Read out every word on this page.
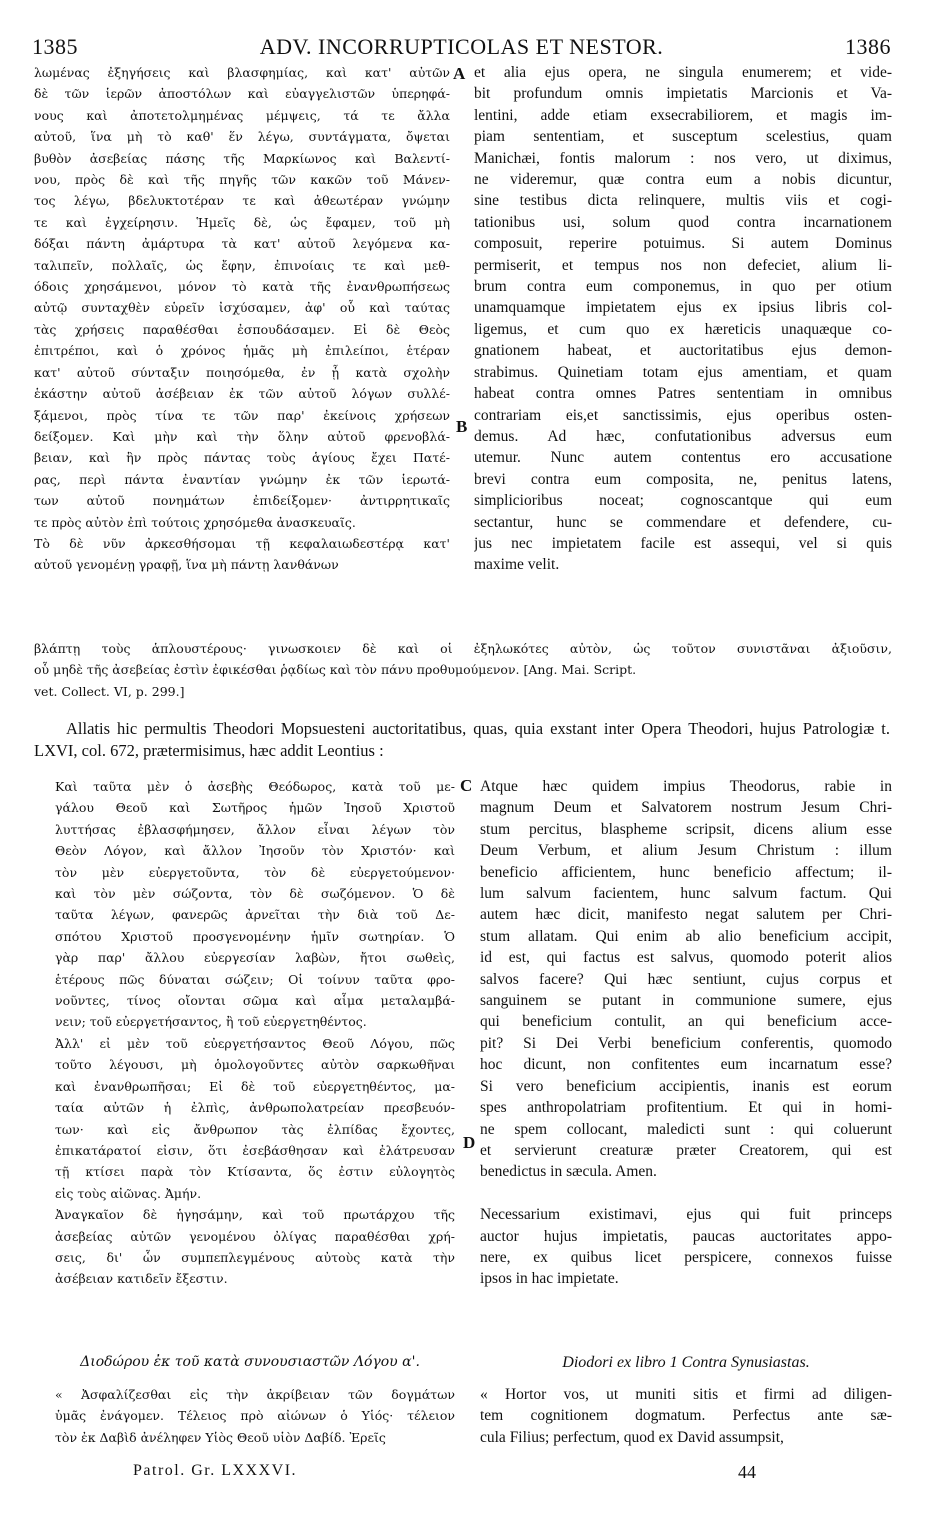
1385	ADV. INCORRUPTICOLAS ET NESTOR.	1386
λωμένας ἐξηγήσεις καὶ βλασφημίας, καὶ κατ' αὐτῶν
δὲ τῶν ἱερῶν ἀποστόλων καὶ εὐαγγελιστῶν ὑπερηφά-
νους καὶ ἀποτετολμημένας μέμψεις, τά τε ἄλλα
αὐτοῦ, ἵνα μὴ τὸ καθ' ἕν λέγω, συντάγματα, ὄψεται
βυθὸν ἀσεβείας πάσης τῆς Μαρκίωνος καὶ Βαλεντί-
νου, πρὸς δὲ καὶ τῆς πηγῆς τῶν κακῶν τοῦ Μάνεν-
τος λέγω, βδελυκτοτέραν τε καὶ ἀθεωτέραν γνώμην
τε καὶ ἐγχείρησιν. Ἡμεῖς δὲ, ὡς ἔφαμεν, τοῦ μὴ
δόξαι πάντη ἀμάρτυρα τὰ κατ' αὐτοῦ λεγόμενα κα-
ταλιπεῖν, πολλαῖς, ὡς ἔφην, ἐπινοίαις τε καὶ μεθ-
όδοις χρησάμενοι, μόνον τὸ κατὰ τῆς ἐνανθρωπήσεως
αὐτῷ συνταχθὲν εὑρεῖν ἰσχύσαμεν, ἀφ' οὗ καὶ ταύτας
τὰς χρήσεις παραθέσθαι ἐσπουδάσαμεν. Εἰ δὲ Θεὸς
ἐπιτρέποι, καὶ ὁ χρόνος ἡμᾶς μὴ ἐπιλείποι, ἑτέραν
κατ' αὐτοῦ σύνταξιν ποιησόμεθα, ἐν ᾗ κατὰ σχολὴν
ἑκάστην αὐτοῦ ἀσέβειαν ἐκ τῶν αὐτοῦ λόγων συλλέ-
ξάμενοι, πρὸς τίνα τε τῶν παρ' ἐκείνοις χρήσεων
δείξομεν. Καὶ μὴν καὶ τὴν ὅλην αὐτοῦ φρενοβλά-
βειαν, καὶ ἣν πρὸς πάντας τοὺς ἁγίους ἔχει Πατέ-
ρας, περὶ πάντα ἐναντίαν γνώμην ἐκ τῶν ἱερωτά-
των αὐτοῦ πονημάτων ἐπιδείξομεν· ἀντιρρητικαῖς
τε πρὸς αὐτὸν ἐπὶ τούτοις χρησόμεθα ἀνασκευαῖς.
Τὸ δὲ νῦν ἀρκεσθήσομαι τῇ κεφαλαιωδεστέρᾳ κατ'
αὐτοῦ γενομένῃ γραφῇ, ἵνα μὴ πάντῃ λανθάνων
et alia ejus opera, ne singula enumerem; et vide-
bit profundum omnis impietatis Marcionis et Va-
lentini, adde etiam exsecrabiliorem, et magis im-
piam sententiam, et susceptum scelestius, quam
Manichæi, fontis malorum : nos vero, ut diximus,
ne videremur, quæ contra eum a nobis dicuntur,
sine testibus dicta relinquere, multis viis et cogi-
tationibus usi, solum quod contra incarnationem
composuit, reperire potuimus. Si autem Dominus
permiserit, et tempus nos non defeciet, alium li-
brum contra eum componemus, in quo per otium
unamquamque impietatem ejus ex ipsius libris col-
ligemus, et cum quo ex hæreticis unaquæque co-
gnationem habeat, et auctoritatibus ejus demon-
strabimus. Quinetiam totam ejus amentiam, et quam
habeat contra omnes Patres sententiam in omnibus
contrariam eis,et sanctissimis, ejus operibus osten-
demus. Ad hæc, confutationibus adversus eum
utemur. Nunc autem contentus ero accusatione
brevi contra eum composita, ne, penitus latens,
simplicioribus noceat; cognoscantque qui eum
sectantur, hunc se commendare et defendere, cu-
jus nec impietatem facile est assequi, vel si quis
maxime velit.
βλάπτῃ τοὺς ἁπλουστέρους· γινωσκοιεν δὲ καὶ οἱ ἐξηλωκότες αὐτὸν, ὡς τοῦτον συνιστᾶναι ἀξιοῦσιν,
οὗ μηδὲ τῆς ἀσεβείας ἐστὶν ἐφικέσθαι ῥᾳδίως καὶ τὸν πάνυ προθυμούμενον. [Ang. Mai. Script.
vet. Collect. VI, p. 299.]
A
B
C
D
Allatis hic permultis Theodori Mopsuesteni auctoritatibus, quas, quia exstant inter Opera Theodori, hujus Patrologiæ t. LXVI, col. 672, prætermisimus, hæc addit Leontius :
Καὶ ταῦτα μὲν ὁ ἀσεβὴς Θεόδωρος, κατὰ τοῦ με-
γάλου Θεοῦ καὶ Σωτῆρος ἡμῶν Ἰησοῦ Χριστοῦ
λυττήσας ἐβλασφήμησεν, ἄλλον εἶναι λέγων τὸν
Θεὸν Λόγον, καὶ ἄλλον Ἰησοῦν τὸν Χριστόν· καὶ
τὸν μὲν εὐεργετοῦντα, τὸν δὲ εὐεργετούμενον·
καὶ τὸν μὲν σώζοντα, τὸν δὲ σωζόμενον. Ὁ δὲ
ταῦτα λέγων, φανερῶς ἀρνεῖται τὴν διὰ τοῦ Δε-
σπότου Χριστοῦ προσγενομένην ἡμῖν σωτηρίαν. Ὁ
γὰρ παρ' ἄλλου εὐεργεσίαν λαβὼν, ἤτοι σωθεὶς,
ἑτέρους πῶς δύναται σώζειν; Οἱ τοίνυν ταῦτα φρο-
νοῦντες, τίνος οἴονται σῶμα καὶ αἷμα μεταλαμβά-
νειν; τοῦ εὐεργετήσαντος, ἢ τοῦ εὐεργετηθέντος.
Ἀλλ' εἰ μὲν τοῦ εὐεργετήσαντος Θεοῦ Λόγου, πῶς
τοῦτο λέγουσι, μὴ ὁμολογοῦντες αὐτὸν σαρκωθῆναι
καὶ ἐνανθρωπῆσαι; Εἰ δὲ τοῦ εὐεργετηθέντος, μα-
ταία αὐτῶν ἡ ἐλπὶς, ἀνθρωπολατρείαν πρεσβευόν-
των· καὶ εἰς ἄνθρωπον τὰς ἐλπίδας ἔχοντες,
ἐπικατάρατοί εἰσιν, ὅτι ἐσεβάσθησαν καὶ ἐλάτρευσαν
τῇ κτίσει παρὰ τὸν Κτίσαντα, ὅς ἐστιν εὐλογητὸς
εἰς τοὺς αἰῶνας. Ἀμήν.
Ἀναγκαῖον δὲ ἡγησάμην, καὶ τοῦ πρωτάρχου τῆς
ἀσεβείας αὐτῶν γενομένου ὀλίγας παραθέσθαι χρή-
σεις, δι' ὧν συμπεπλεγμένους αὐτοὺς κατὰ τὴν
ἀσέβειαν κατιδεῖν ἔξεστιν.
Atque hæc quidem impius Theodorus, rabie in
magnum Deum et Salvatorem nostrum Jesum Chri-
stum percitus, blaspheme scripsit, dicens alium esse
Deum Verbum, et alium Jesum Christum : illum
beneficio afficientem, hunc beneficio affectum; il-
lum salvum facientem, hunc salvum factum. Qui
autem hæc dicit, manifesto negat salutem per Chri-
stum allatam. Qui enim ab alio beneficium accipit,
id est, qui factus est salvus, quomodo poterit alios
salvos facere? Qui hæc sentiunt, cujus corpus et
sanguinem se putant in communione sumere, ejus
qui beneficium contulit, an qui beneficium acce-
pit? Si Dei Verbi beneficium conferentis, quomodo
hoc dicunt, non confitentes eum incarnatum esse?
Si vero beneficium accipientis, inanis est eorum
spes anthropolatriam profitentium. Et qui in homi-
ne spem collocant, maledicti sunt : qui coluerunt
et servierunt creaturæ præter Creatorem, qui est
benedictus in sæcula. Amen.

Necessarium existimavi, ejus qui fuit princeps
auctor hujus impietatis, paucas auctoritates appo-
nere, ex quibus licet perspicere, connexos fuisse
ipsos in hac impietate.
Διοδώρου ἐκ τοῦ κατὰ συνουσιαστῶν Λόγου α'.	Diodori ex libro 1 Contra Synusiastas.
« Ἀσφαλίζεσθαι εἰς τὴν ἀκρίβειαν τῶν δογμάτων
ὑμᾶς ἐνάγομεν. Τέλειος πρὸ αἰώνων ὁ Υἱός· τέλειον
τὸν ἐκ Δαβὶδ ἀνέληφεν Υἱὸς Θεοῦ υἱὸν Δαβίδ. Ἐρεῖς
« Hortor vos, ut muniti sitis et firmi ad diligen-
tem cognitionem dogmatum. Perfectus ante sæ-
cula Filius; perfectum, quod ex David assumpsit,
Patrol. Gr. LXXXVI.	44
